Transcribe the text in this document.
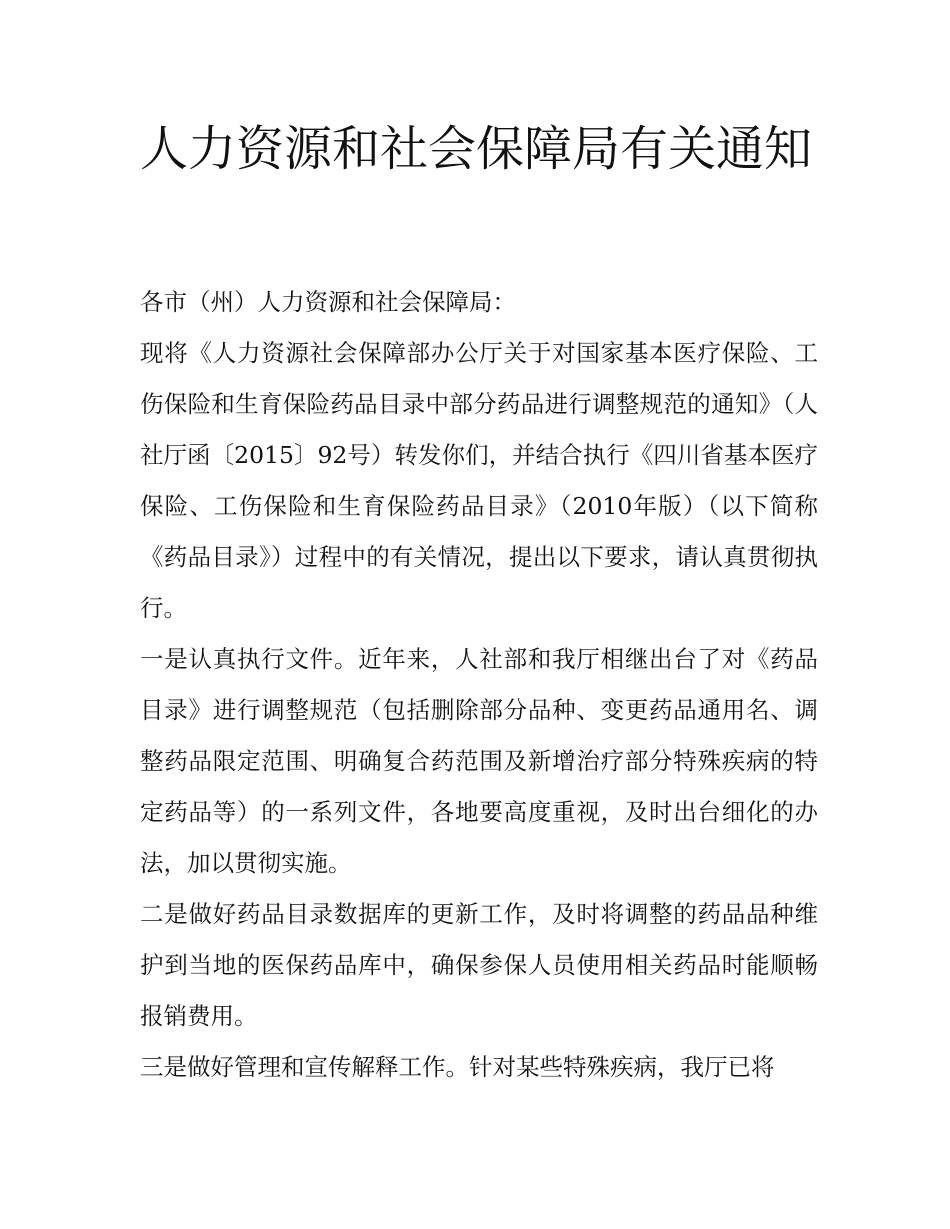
人力资源和社会保障局有关通知

各市（州）人力资源和社会保障局：

现将《人力资源社会保障部办公厅关于对国家基本医疗保险、工伤保险和生育保险药品目录中部分药品进行调整规范的通知》（人社厅函〔2015〕92号）转发你们，并结合执行《四川省基本医疗保险、工伤保险和生育保险药品目录》（2010年版）（以下简称《药品目录》）过程中的有关情况，提出以下要求，请认真贯彻执行。

一是认真执行文件。近年来，人社部和我厅相继出台了对《药品目录》进行调整规范（包括删除部分品种、变更药品通用名、调整药品限定范围、明确复合药范围及新增治疗部分特殊疾病的特定药品等）的一系列文件，各地要高度重视，及时出台细化的办法，加以贯彻实施。

二是做好药品目录数据库的更新工作，及时将调整的药品品种维护到当地的医保药品库中，确保参保人员使用相关药品时能顺畅报销费用。

三是做好管理和宣传解释工作。针对某些特殊疾病，我厅已将
